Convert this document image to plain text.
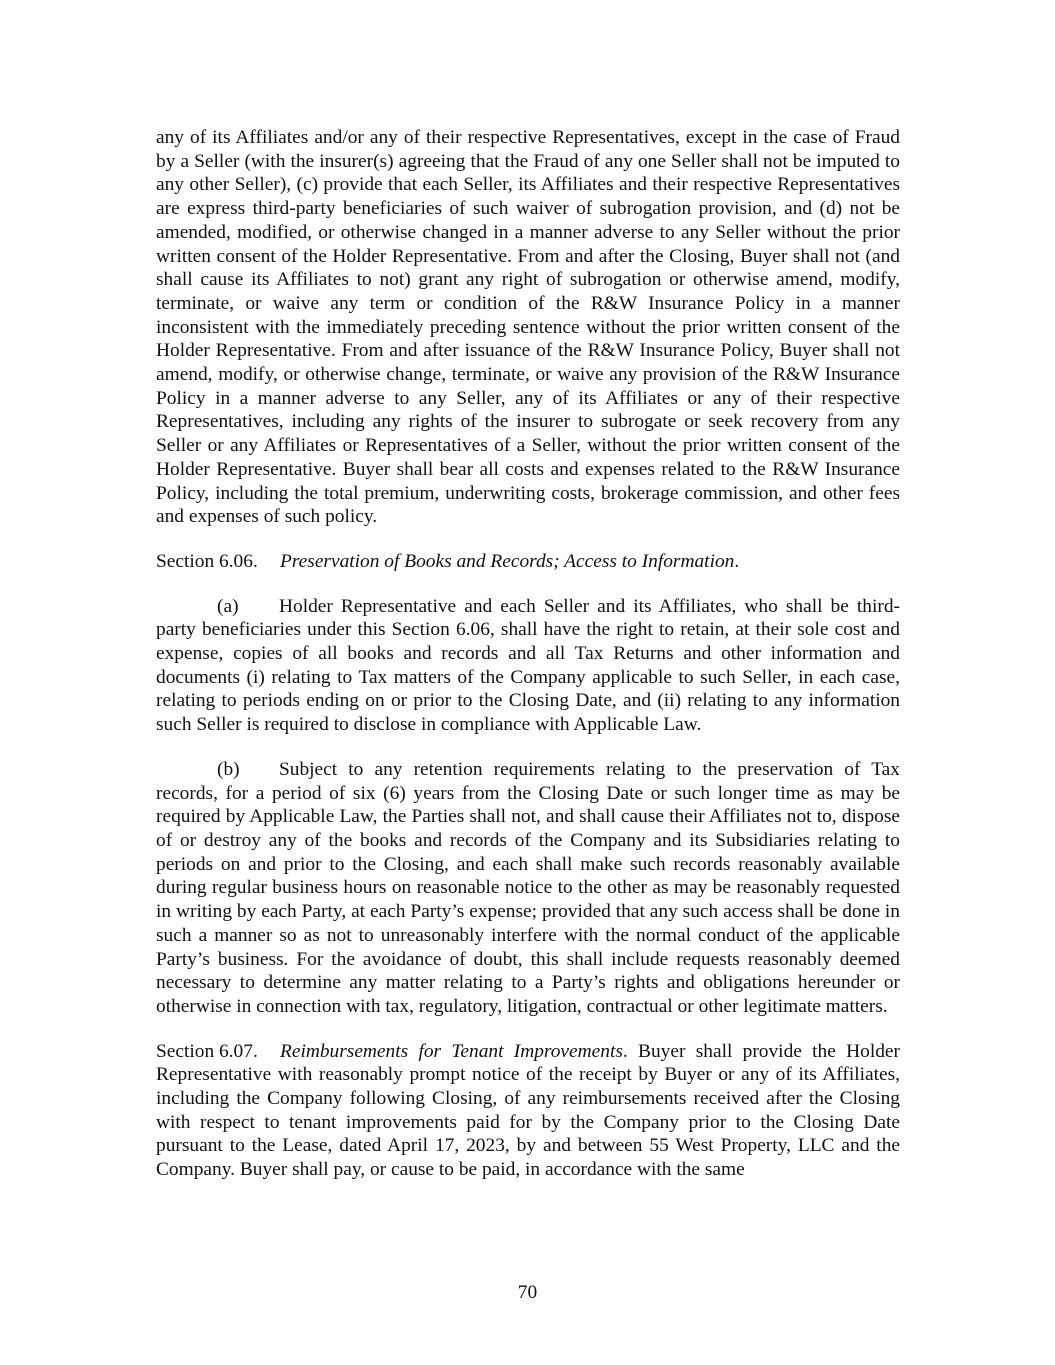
any of its Affiliates and/or any of their respective Representatives, except in the case of Fraud by a Seller (with the insurer(s) agreeing that the Fraud of any one Seller shall not be imputed to any other Seller), (c) provide that each Seller, its Affiliates and their respective Representatives are express third-party beneficiaries of such waiver of subrogation provision, and (d) not be amended, modified, or otherwise changed in a manner adverse to any Seller without the prior written consent of the Holder Representative. From and after the Closing, Buyer shall not (and shall cause its Affiliates to not) grant any right of subrogation or otherwise amend, modify, terminate, or waive any term or condition of the R&W Insurance Policy in a manner inconsistent with the immediately preceding sentence without the prior written consent of the Holder Representative. From and after issuance of the R&W Insurance Policy, Buyer shall not amend, modify, or otherwise change, terminate, or waive any provision of the R&W Insurance Policy in a manner adverse to any Seller, any of its Affiliates or any of their respective Representatives, including any rights of the insurer to subrogate or seek recovery from any Seller or any Affiliates or Representatives of a Seller, without the prior written consent of the Holder Representative. Buyer shall bear all costs and expenses related to the R&W Insurance Policy, including the total premium, underwriting costs, brokerage commission, and other fees and expenses of such policy.

Section 6.06. Preservation of Books and Records; Access to Information.

(a) Holder Representative and each Seller and its Affiliates, who shall be third-party beneficiaries under this Section 6.06, shall have the right to retain, at their sole cost and expense, copies of all books and records and all Tax Returns and other information and documents (i) relating to Tax matters of the Company applicable to such Seller, in each case, relating to periods ending on or prior to the Closing Date, and (ii) relating to any information such Seller is required to disclose in compliance with Applicable Law.

(b) Subject to any retention requirements relating to the preservation of Tax records, for a period of six (6) years from the Closing Date or such longer time as may be required by Applicable Law, the Parties shall not, and shall cause their Affiliates not to, dispose of or destroy any of the books and records of the Company and its Subsidiaries relating to periods on and prior to the Closing, and each shall make such records reasonably available during regular business hours on reasonable notice to the other as may be reasonably requested in writing by each Party, at each Party’s expense; provided that any such access shall be done in such a manner so as not to unreasonably interfere with the normal conduct of the applicable Party’s business. For the avoidance of doubt, this shall include requests reasonably deemed necessary to determine any matter relating to a Party’s rights and obligations hereunder or otherwise in connection with tax, regulatory, litigation, contractual or other legitimate matters.

Section 6.07. Reimbursements for Tenant Improvements. Buyer shall provide the Holder Representative with reasonably prompt notice of the receipt by Buyer or any of its Affiliates, including the Company following Closing, of any reimbursements received after the Closing with respect to tenant improvements paid for by the Company prior to the Closing Date pursuant to the Lease, dated April 17, 2023, by and between 55 West Property, LLC and the Company. Buyer shall pay, or cause to be paid, in accordance with the same

70
